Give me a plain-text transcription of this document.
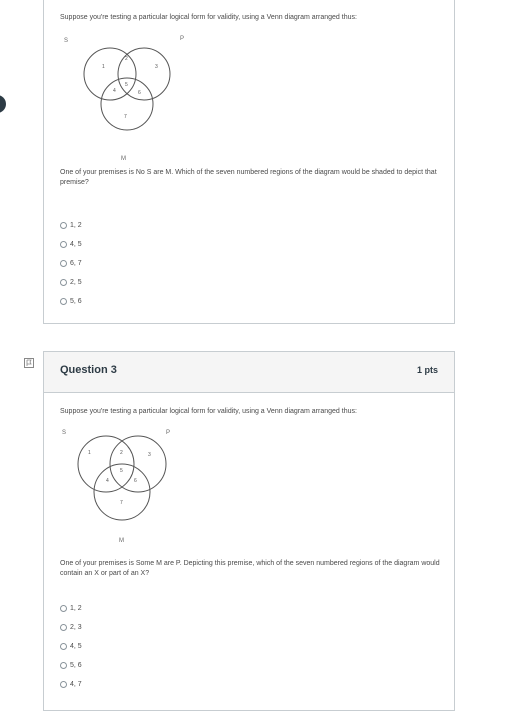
Suppose you're testing a particular logical form for validity, using a Venn diagram arranged thus:
S	P
M
1
2
3
4
5
6
7
One of your premises is No S are M. Which of the seven numbered regions of the diagram would be shaded to depict that premise?
1, 2
4, 5
6, 7
2, 5
5, 6
Question 3	1 pts
Suppose you're testing a particular logical form for validity, using a Venn diagram arranged thus:
S	P
M
1	2	3
4
5
6
7
One of your premises is Some M are P. Depicting this premise, which of the seven numbered regions of the diagram would contain an X or part of an X?
1, 2
2, 3
4, 5
5, 6
4, 7
